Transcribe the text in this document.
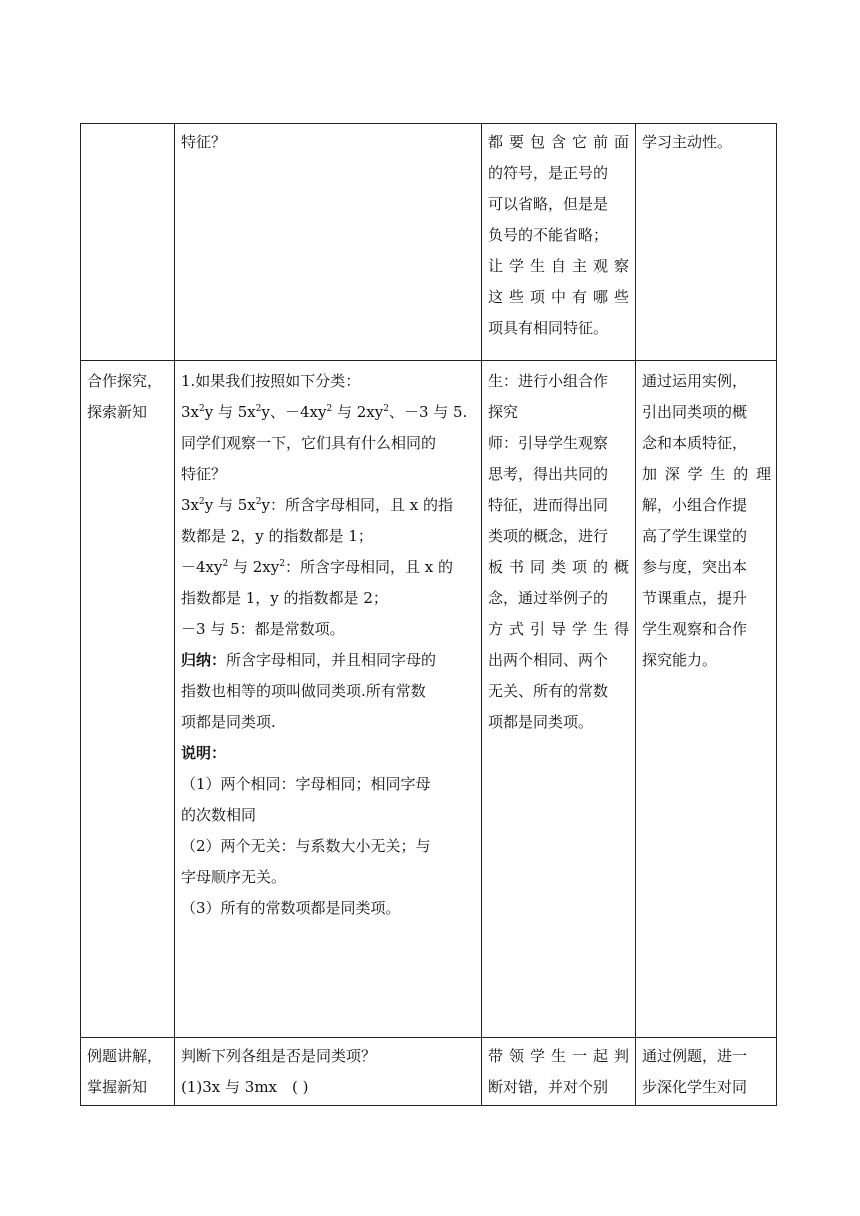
特征？	都要包含它前面
的符号，是正号的
可以省略，但是是
负号的不能省略；
让学生自主观察
这些项中有哪些
项具有相同特征。
学习主动性。
合作探究，
探索新知
1.如果我们按照如下分类：
$3x^2y$ 与 $5x^2y$、$-4xy^2$ 与 $2xy^2$、－3 与 5.
同学们观察一下，它们具有什么相同的
特征？
$3x^2y$ 与 $5x^2y$：所含字母相同，且 x 的指
数都是 2，y 的指数都是 1；
$-4xy^2$ 与 $2xy^2$：所含字母相同，且 x 的
指数都是 1，y 的指数都是 2；
－3 与 5：都是常数项。
归纳：所含字母相同，并且相同字母的
指数也相等的项叫做同类项.所有常数
项都是同类项.
说明：
（1）两个相同：字母相同；相同字母
的次数相同
（2）两个无关：与系数大小无关；与
字母顺序无关。
（3）所有的常数项都是同类项。
生：进行小组合作
探究
师：引导学生观察
思考，得出共同的
特征，进而得出同
类项的概念，进行
板书同类项的概
念，通过举例子的
方式引导学生得
出两个相同、两个
无关、所有的常数
项都是同类项。
通过运用实例，
引出同类项的概
念和本质特征，
加深学生的理
解，小组合作提
高了学生课堂的
参与度，突出本
节课重点，提升
学生观察和合作
探究能力。
例题讲解，
掌握新知
判断下列各组是否是同类项？
(1)3x 与 3mx　( )
带领学生一起判
断对错，并对个别
通过例题，进一
步深化学生对同
